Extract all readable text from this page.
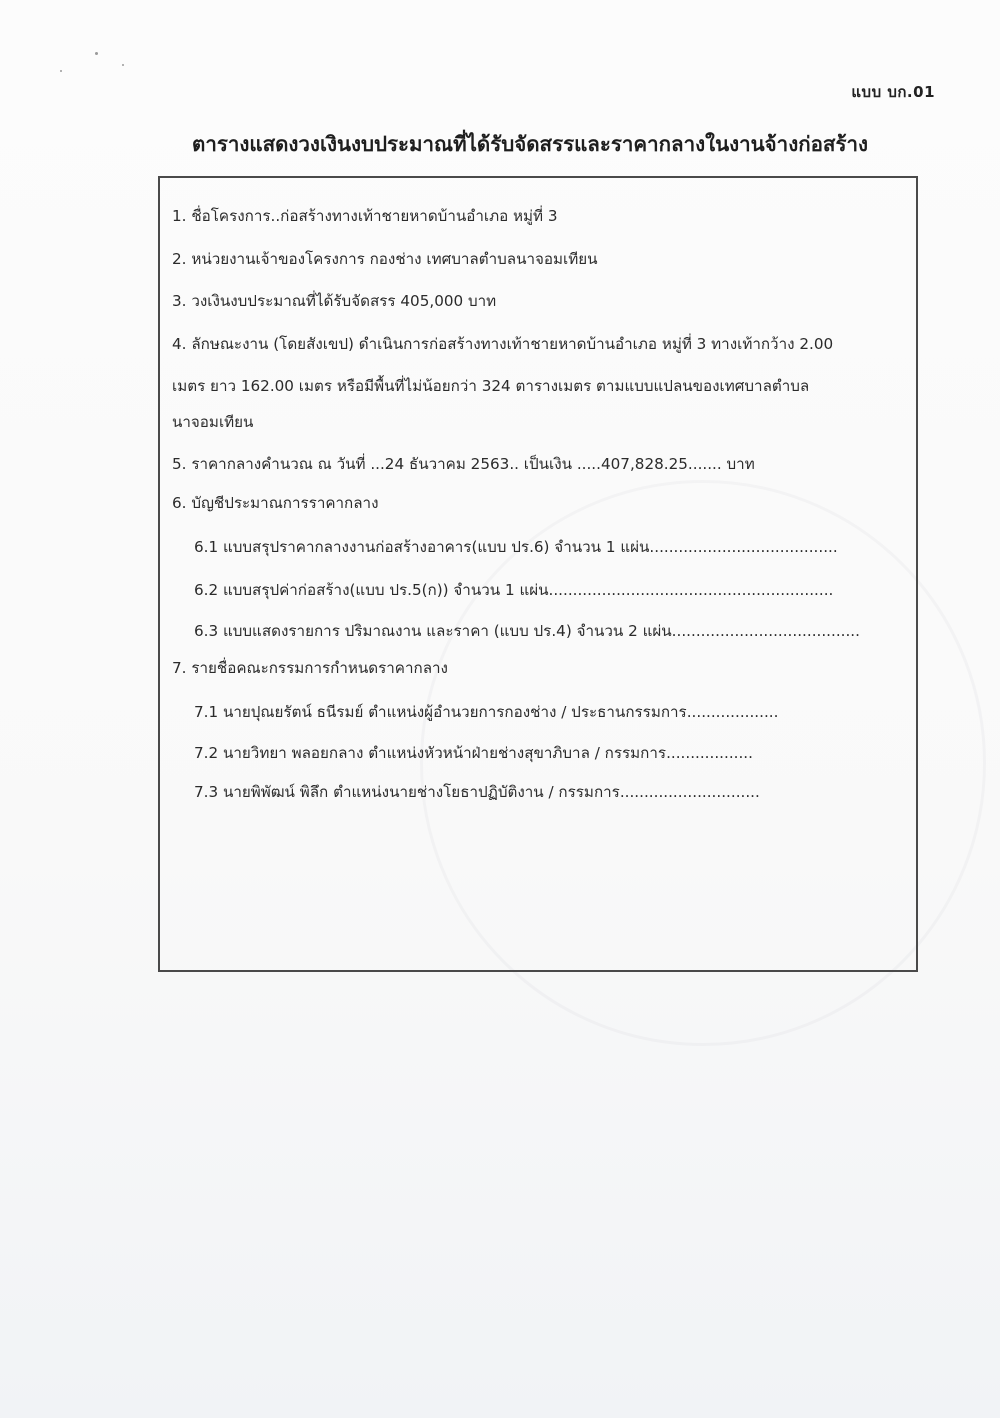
แบบ บก.01
ตารางแสดงวงเงินงบประมาณที่ได้รับจัดสรรและราคากลางในงานจ้างก่อสร้าง
1. ชื่อโครงการ..ก่อสร้างทางเท้าชายหาดบ้านอำเภอ หมู่ที่ 3
2. หน่วยงานเจ้าของโครงการ กองช่าง เทศบาลตำบลนาจอมเทียน
3. วงเงินงบประมาณที่ได้รับจัดสรร 405,000 บาท
4. ลักษณะงาน (โดยสังเขป) ดำเนินการก่อสร้างทางเท้าชายหาดบ้านอำเภอ หมู่ที่ 3 ทางเท้ากว้าง 2.00
เมตร ยาว 162.00 เมตร หรือมีพื้นที่ไม่น้อยกว่า 324 ตารางเมตร ตามแบบแปลนของเทศบาลตำบล
นาจอมเทียน
5. ราคากลางคำนวณ ณ วันที่ ...24 ธันวาคม 2563.. เป็นเงิน .....407,828.25....... บาท
6. บัญชีประมาณการราคากลาง
6.1 แบบสรุปราคากลางงานก่อสร้างอาคาร(แบบ ปร.6) จำนวน 1 แผ่น.......................................
6.2 แบบสรุปค่าก่อสร้าง(แบบ ปร.5(ก)) จำนวน 1 แผ่น...........................................................
6.3 แบบแสดงรายการ ปริมาณงาน และราคา (แบบ ปร.4) จำนวน 2 แผ่น.......................................
7. รายชื่อคณะกรรมการกำหนดราคากลาง
7.1 นายปุณยรัตน์ ธนีรมย์ ตำแหน่งผู้อำนวยการกองช่าง / ประธานกรรมการ...................
7.2 นายวิทยา พลอยกลาง ตำแหน่งหัวหน้าฝ่ายช่างสุขาภิบาล / กรรมการ..................
7.3 นายพิพัฒน์ พิลึก ตำแหน่งนายช่างโยธาปฏิบัติงาน / กรรมการ.............................
